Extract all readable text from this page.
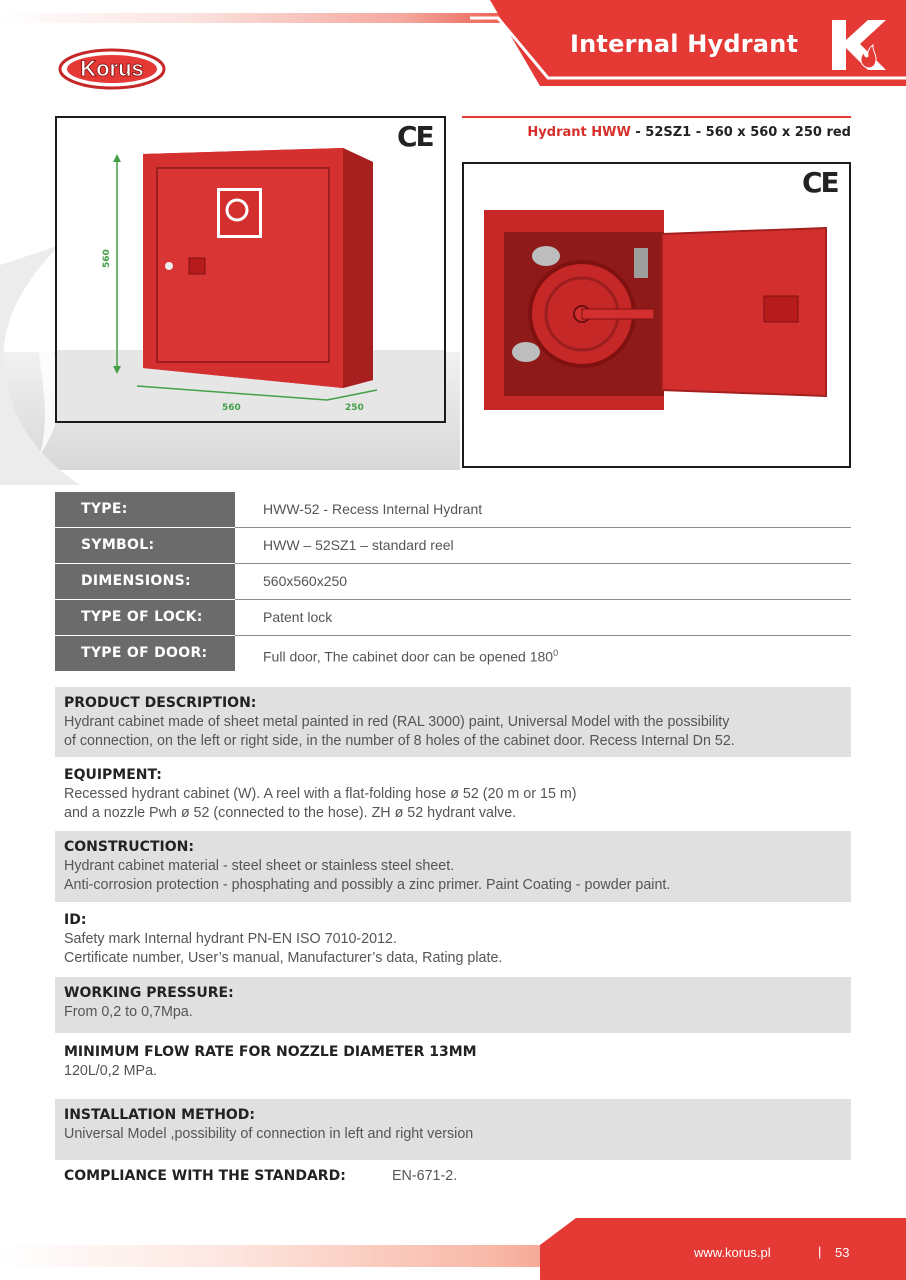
Internal Hydrant
Korus
560
560	250
CE	Hydrant HWW - 52SZ1 - 560 x 560 x 250 red
CE
TYPE:	HWW-52 - Recess Internal Hydrant
SYMBOL:	HWW – 52SZ1 – standard reel
DIMENSIONS:	560x560x250
TYPE OF LOCK:	Patent lock
TYPE OF DOOR:	Full door, The cabinet door can be opened $180^0$
PRODUCT DESCRIPTION:

Hydrant cabinet made of sheet metal painted in red (RAL 3000) paint, Universal Model with the possibility

of connection, on the left or right side, in the number of 8 holes of the cabinet door. Recess Internal Dn 52.

EQUIPMENT:

Recessed hydrant cabinet (W). A reel with a flat-folding hose ø 52 (20 m or 15 m)

and a nozzle Pwh ø 52 (connected to the hose). ZH ø 52 hydrant valve.

CONSTRUCTION:

Hydrant cabinet material - steel sheet or stainless steel sheet.

Anti-corrosion protection - phosphating and possibly a zinc primer. Paint Coating - powder paint.

ID:

Safety mark Internal hydrant PN-EN ISO 7010-2012.

Certificate number, User’s manual, Manufacturer’s data, Rating plate.

WORKING PRESSURE:

From 0,2 to 0,7Mpa.

MINIMUM FLOW RATE FOR NOZZLE DIAMETER 13MM

120L/0,2 MPa.

INSTALLATION METHOD:

Universal Model ,possibility of connection in left and right version

COMPLIANCE WITH THE STANDARD:	EN-671-2.
www.korus.pl	| 53
